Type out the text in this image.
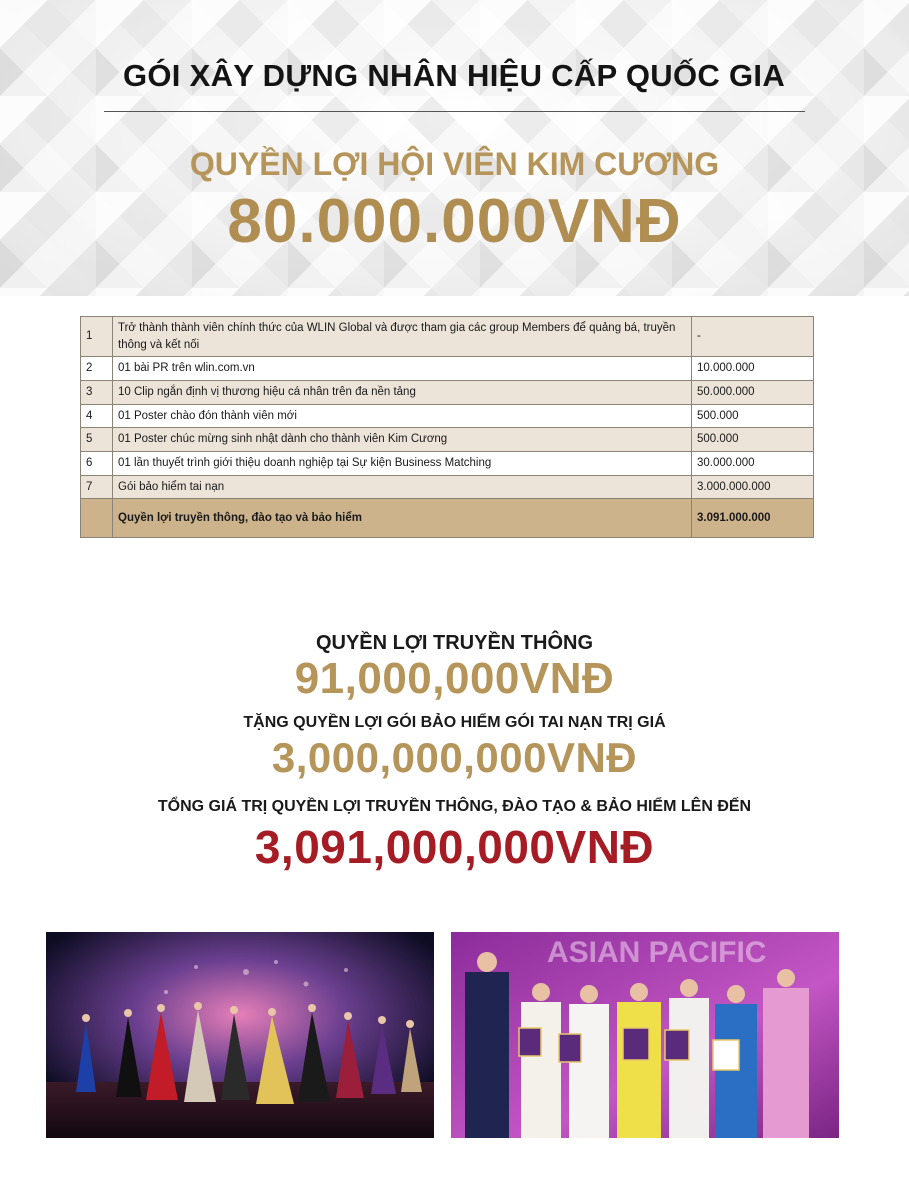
GÓI XÂY DỰNG NHÂN HIỆU CẤP QUỐC GIA
QUYỀN LỢI HỘI VIÊN KIM CƯƠNG
80.000.000VNĐ
1	Trở thành thành viên chính thức của WLIN Global và được tham gia các group Members để quảng bá, truyền thông và kết nối	-
2	01 bài PR trên wlin.com.vn	10.000.000
3	10 Clip ngắn định vị thương hiệu cá nhân trên đa nền tảng	50.000.000
4	01 Poster chào đón thành viên mới	500.000
5	01 Poster chúc mừng sinh nhật dành cho thành viên Kim Cương	500.000
6	01 lần thuyết trình giới thiệu doanh nghiệp tại Sự kiện Business Matching	30.000.000
7	Gói bảo hiểm tai nạn	3.000.000.000
	Quyền lợi truyền thông, đào tạo và bảo hiểm	3.091.000.000
QUYỀN LỢI TRUYỀN THÔNG
91,000,000VNĐ
TẶNG QUYỀN LỢI GÓI BẢO HIỂM GÓI TAI NẠN TRỊ GIÁ
3,000,000,000VNĐ
TỔNG GIÁ TRỊ QUYỀN LỢI TRUYỀN THÔNG, ĐÀO TẠO & BẢO HIỂM LÊN ĐẾN
3,091,000,000VNĐ
ASIAN PACIFIC
